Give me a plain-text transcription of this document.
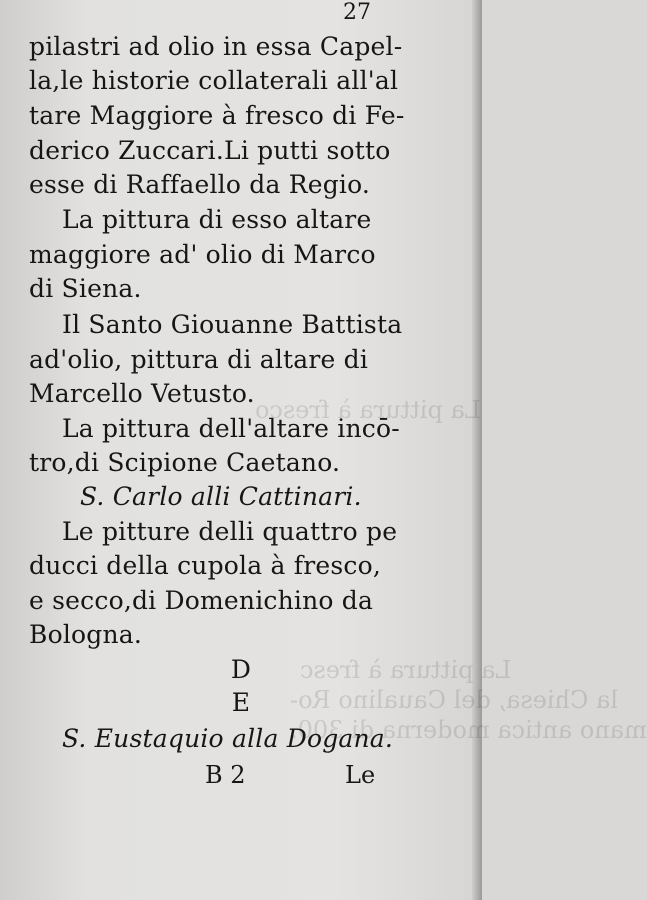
La pittura à fresco
La pittura à fresc
la Chiesa, del Caualino Ro-
mano antica moderna di 300.
27
pilastri ad olio in essa Capel-
la,le historie collaterali all'al
tare Maggiore à fresco di Fe-
derico Zuccari.Li putti sotto
esse di Raffaello da Regio.
La pittura di esso altare
maggiore ad' olio di Marco
di Siena.
Il Santo Giouanne Battista
ad'olio, pittura di altare di
Marcello Vetusto.
La pittura dell'altare incō-
tro,di Scipione Caetano.
S. Carlo alli Cattinari.
Le pitture delli quattro pe
ducci della cupola à fresco,
e secco,di Domenichino da
Bologna.
D
E
S. Eustaquio alla Dogana.
B 2	Le
